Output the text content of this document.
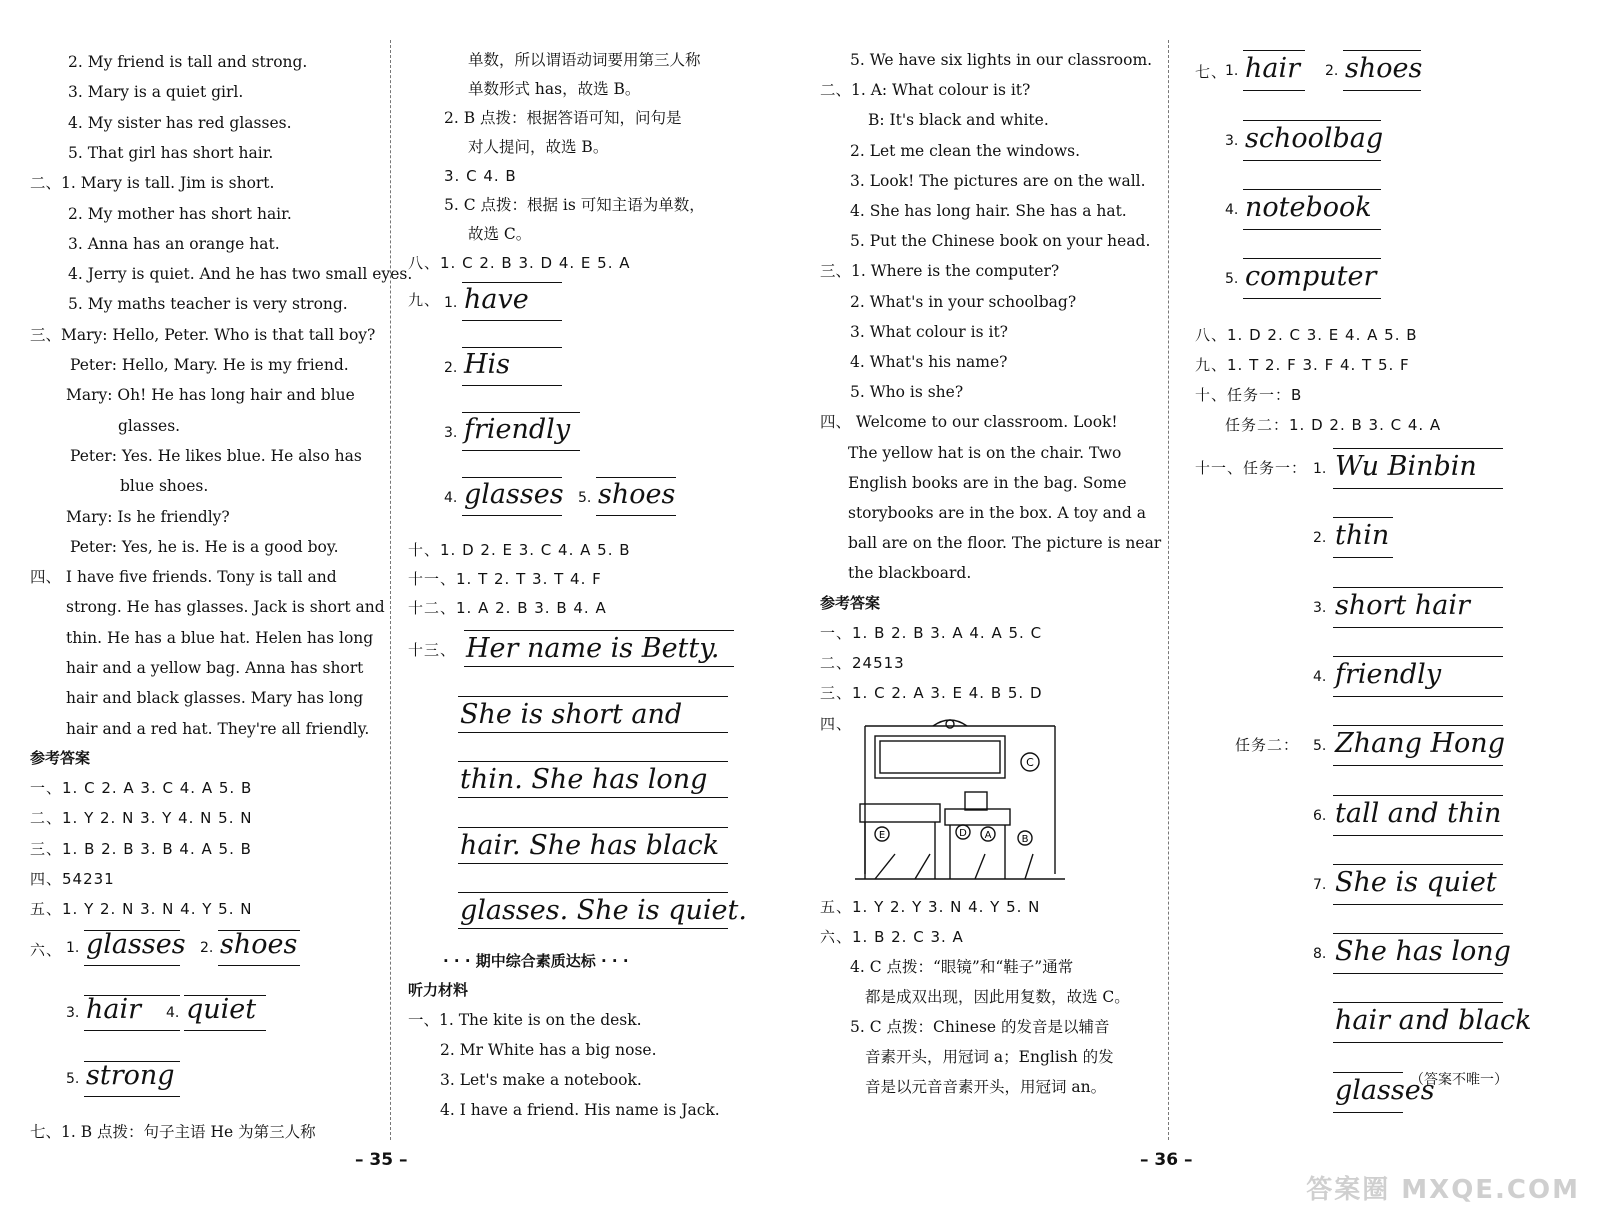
2. My friend is tall and strong.
3. Mary is a quiet girl.
4. My sister has red glasses.
5. That girl has short hair.
二、1. Mary is tall. Jim is short.
2. My mother has short hair.
3. Anna has an orange hat.
4. Jerry is quiet. And he has two small eyes.
5. My maths teacher is very strong.
三、Mary: Hello, Peter. Who is that tall boy?
Peter: Hello, Mary. He is my friend.
Mary: Oh! He has long hair and blue
glasses.
Peter: Yes. He likes blue. He also has
blue shoes.
Mary: Is he friendly?
Peter: Yes, he is. He is a good boy.
四、 I have five friends. Tony is tall and
strong. He has glasses. Jack is short and
thin. He has a blue hat. Helen has long
hair and a yellow bag. Anna has short
hair and black glasses. Mary has long
hair and a red hat. They're all friendly.
参考答案
一、1. C 2. A 3. C 4. A 5. B
二、1. Y 2. N 3. Y 4. N 5. N
三、1. B 2. B 3. B 4. A 5. B
四、54231
五、1. Y 2. N 3. N 4. Y 5. N
六、 1. glasses 2. shoes
3. hair 4. quiet
5. strong
七、1. B 点拨：句子主语 He 为第三人称
单数，所以谓语动词要用第三人称
单数形式 has，故选 B。
2. B 点拨：根据答语可知，问句是
对人提问，故选 B。
3. C 4. B
5. C 点拨：根据 is 可知主语为单数，
故选 C。
八、1. C 2. B 3. D 4. E 5. A
九、 1. have
2. His
3. friendly
4. glasses 5. shoes
十、1. D 2. E 3. C 4. A 5. B
十一、1. T 2. T 3. T 4. F
十二、1. A 2. B 3. B 4. A
十三、 Her name is Betty.
She is short and
thin. She has long
hair. She has black
glasses. She is quiet.
· · · 期中综合素质达标 · · ·
听力材料
一、1. The kite is on the desk.
2. Mr White has a big nose.
3. Let's make a notebook.
4. I have a friend. His name is Jack.
– 35 –
5. We have six lights in our classroom.
二、1. A: What colour is it?
B: It's black and white.
2. Let me clean the windows.
3. Look! The pictures are on the wall.
4. She has long hair. She has a hat.
5. Put the Chinese book on your head.
三、1. Where is the computer?
2. What's in your schoolbag?
3. What colour is it?
4. What's his name?
5. Who is she?
四、 Welcome to our classroom. Look!
The yellow hat is on the chair. Two
English books are in the bag. Some
storybooks are in the box. A toy and a
ball are on the floor. The picture is near
the blackboard.
参考答案
一、1. B 2. B 3. A 4. A 5. C
二、24513
三、1. C 2. A 3. E 4. B 5. D
四、
E	D A	B
C
五、1. Y 2. Y 3. N 4. Y 5. N
六、1. B 2. C 3. A
4. C 点拨：“眼镜”和“鞋子”通常
都是成双出现，因此用复数，故选 C。
5. C 点拨：Chinese 的发音是以辅音
音素开头，用冠词 a；English 的发
音是以元音音素开头，用冠词 an。
七、
1. hair 2. shoes
3. schoolbag
4. notebook
5. computer
八、1. D 2. C 3. E 4. A 5. B
九、1. T 2. F 3. F 4. T 5. F
十、任务一：B
任务二：1. D 2. B 3. C 4. A
十一、任务一：
任务二：
1. Wu Binbin
2. thin
3. short hair
4. friendly
5. Zhang Hong
6. tall and thin
7. She is quiet
8. She has long
hair and black
glasses
（答案不唯一）
– 36 –
答案圈 MXQE.COM
